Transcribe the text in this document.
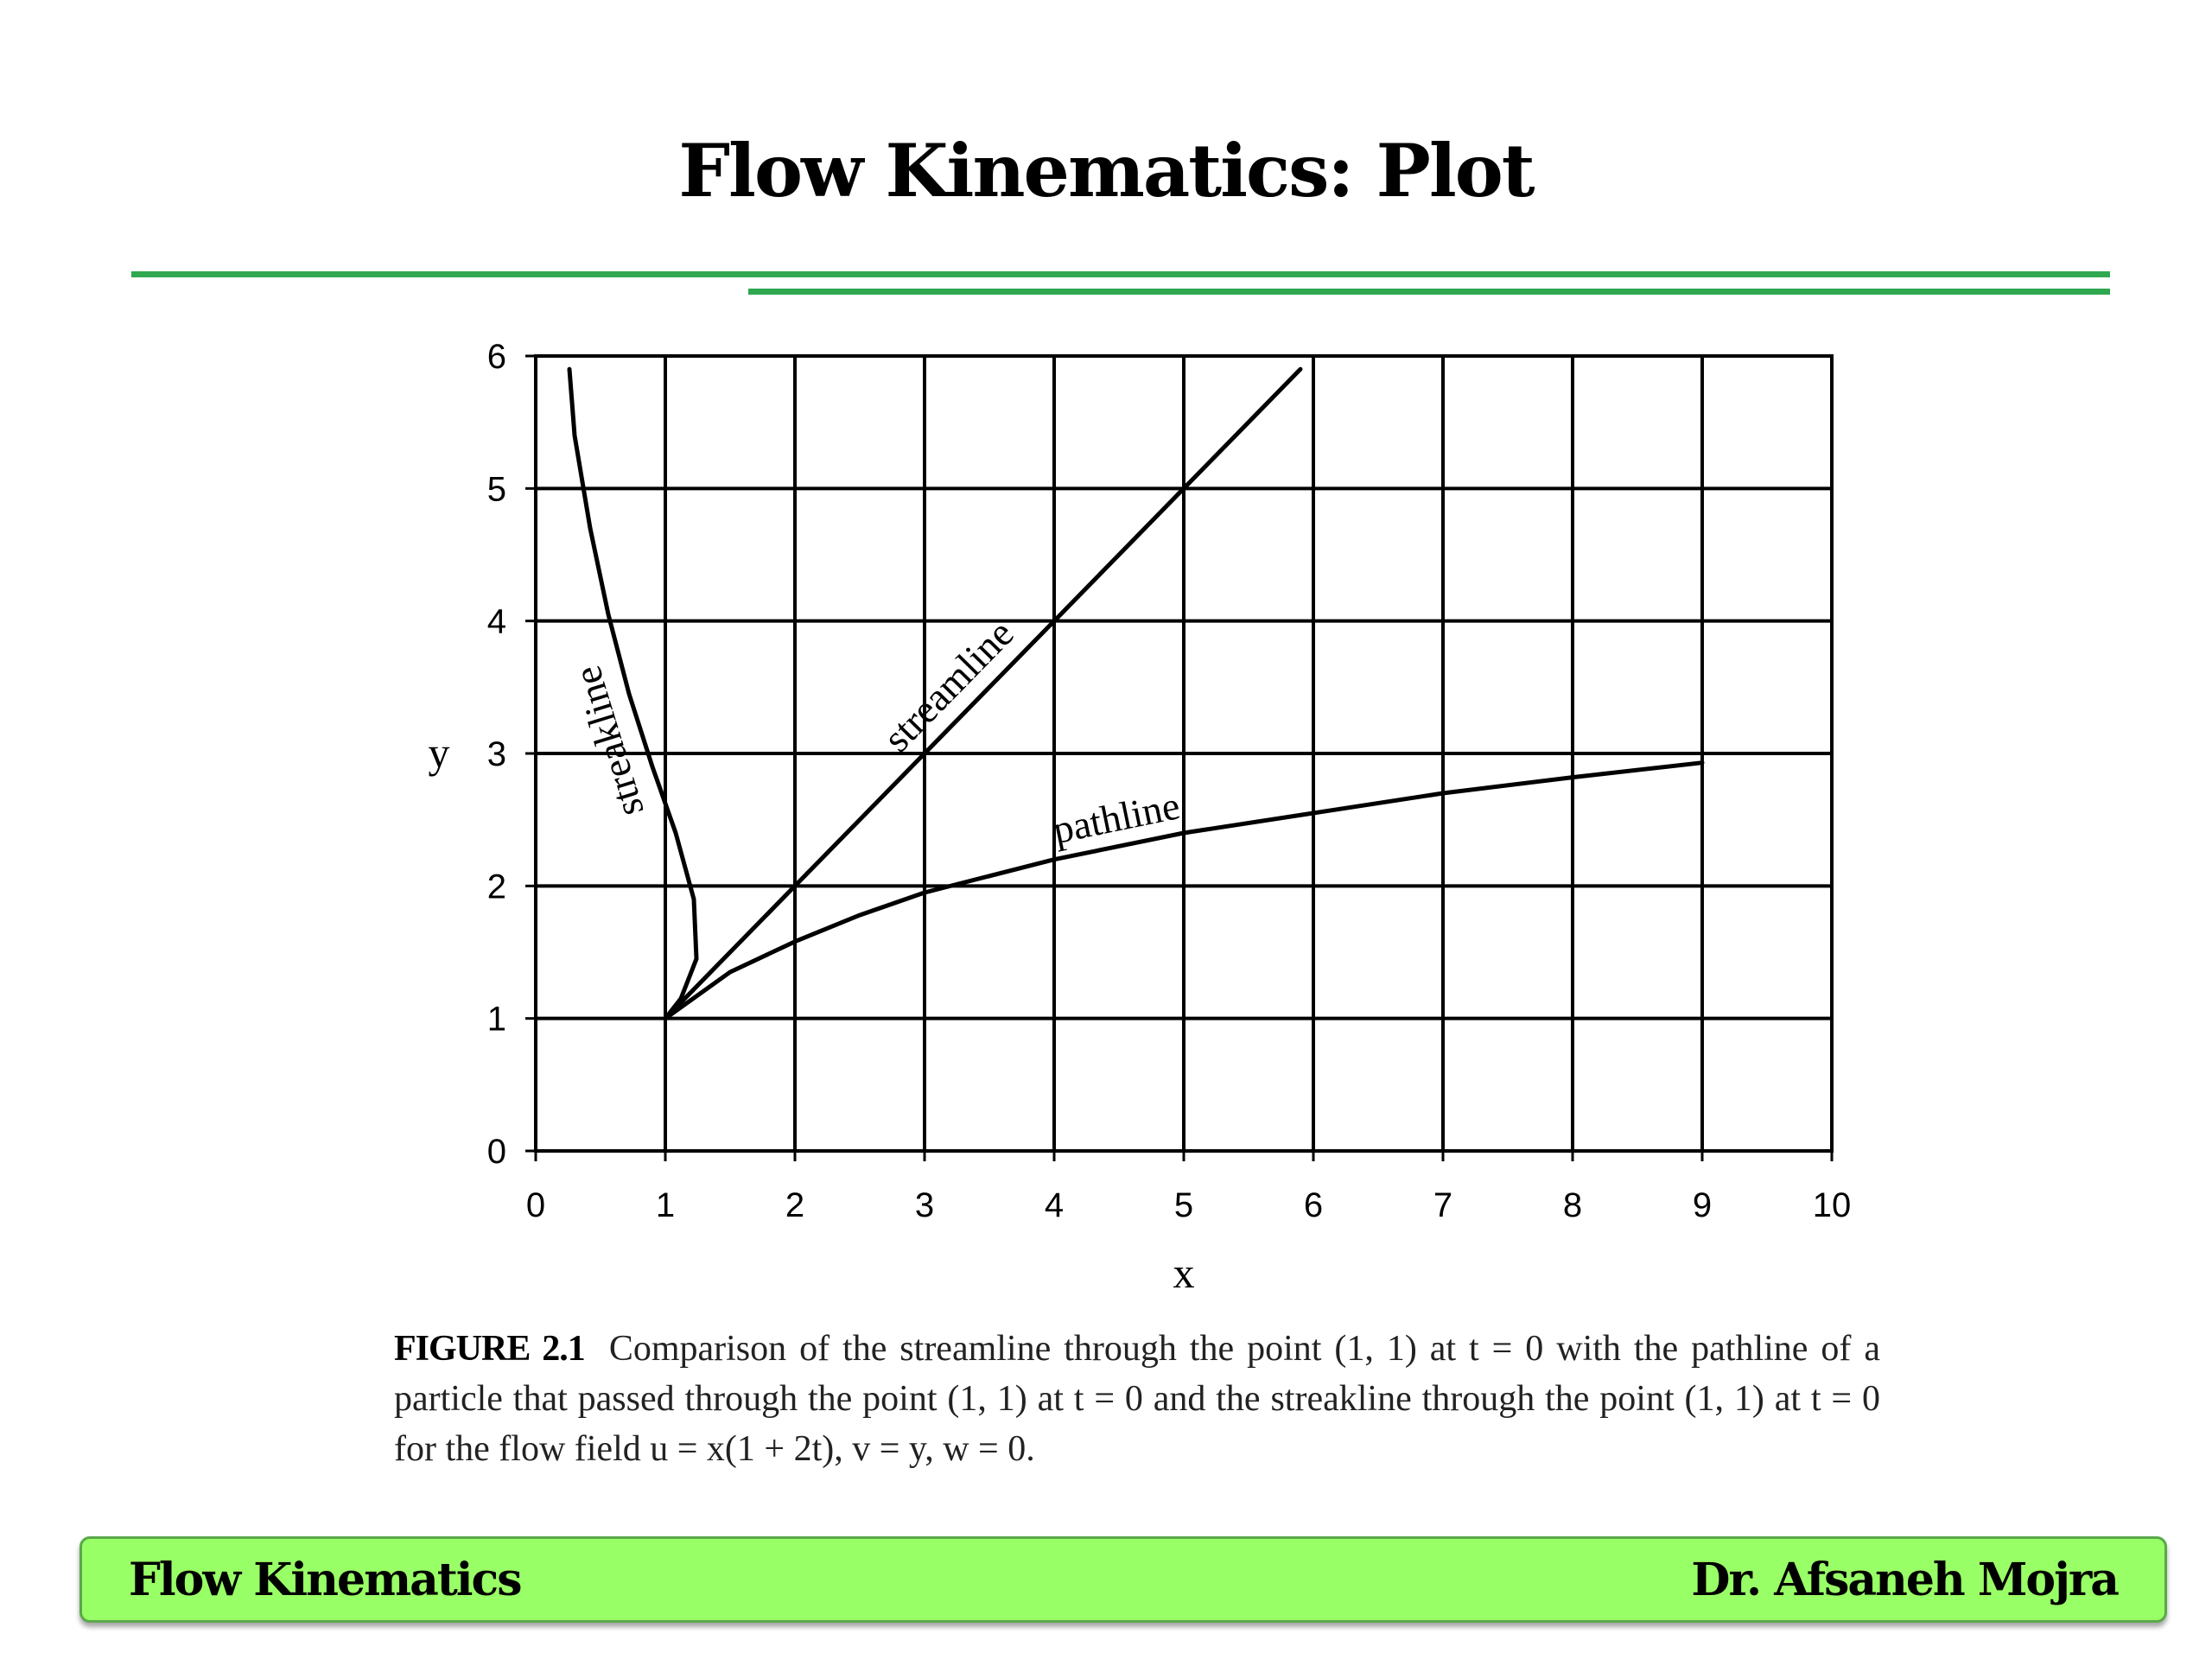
Flow Kinematics: Plot
0	1	2	3	4	5	6	7	8	9	10
0
1
2
3
4
5
6
streamline
pathline
streakline
x
y
FIGURE 2.1 Comparison of the streamline through the point (1, 1) at t = 0 with the pathline of a particle that passed through the point (1, 1) at t = 0 and the streakline through the point (1, 1) at t = 0 for the flow field u = x(1 + 2t), v = y, w = 0.
Flow Kinematics	Dr. Afsaneh Mojra
